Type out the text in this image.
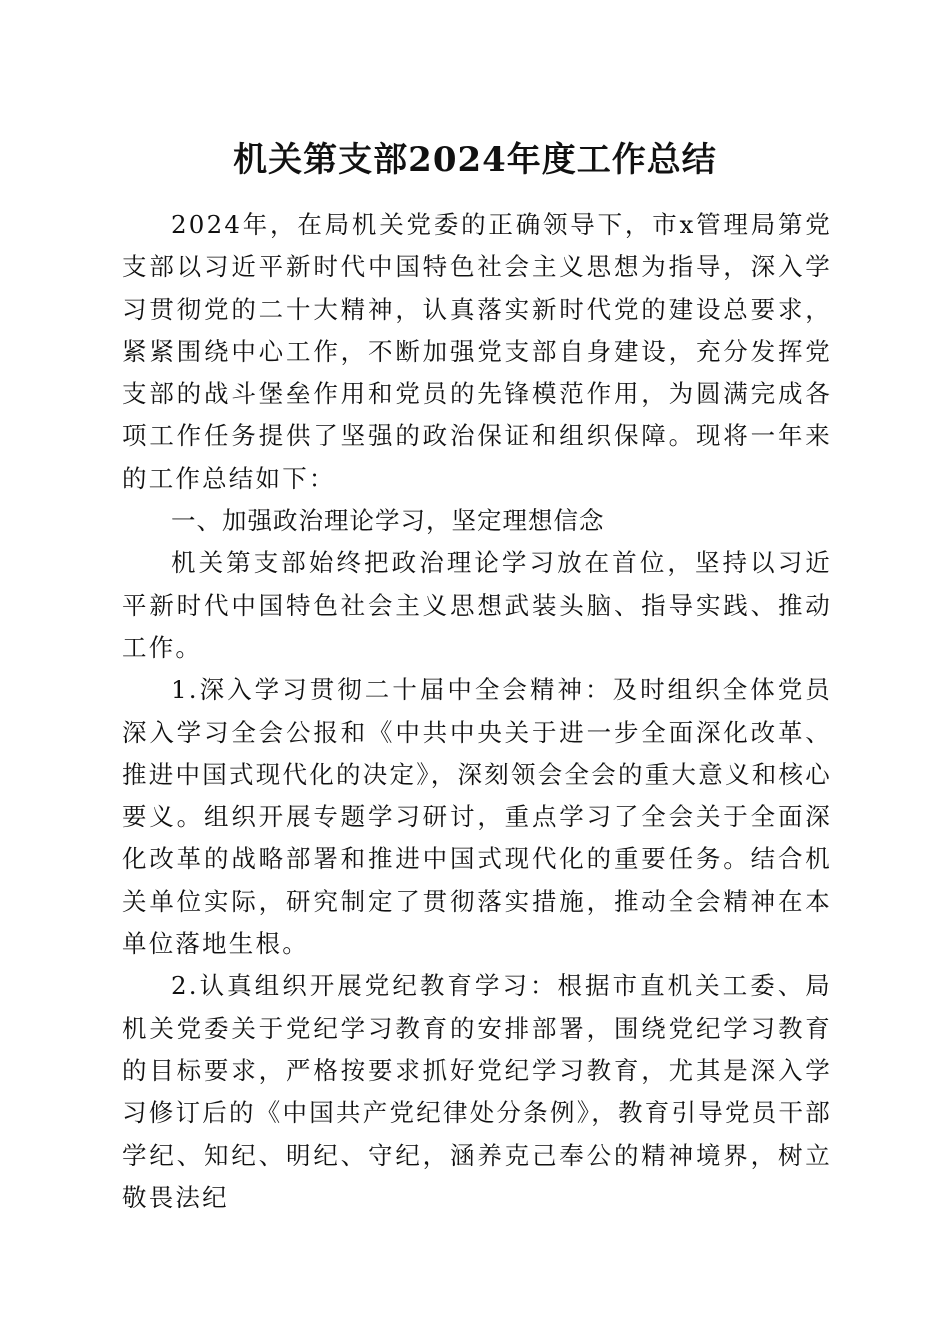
机关第支部2024年度工作总结

2024年，在局机关党委的正确领导下，市x管理局第党支部以习近平新时代中国特色社会主义思想为指导，深入学习贯彻党的二十大精神，认真落实新时代党的建设总要求，紧紧围绕中心工作，不断加强党支部自身建设，充分发挥党支部的战斗堡垒作用和党员的先锋模范作用，为圆满完成各项工作任务提供了坚强的政治保证和组织保障。现将一年来的工作总结如下：

一、加强政治理论学习，坚定理想信念

机关第支部始终把政治理论学习放在首位，坚持以习近平新时代中国特色社会主义思想武装头脑、指导实践、推动工作。

1.深入学习贯彻二十届中全会精神：及时组织全体党员深入学习全会公报和《中共中央关于进一步全面深化改革、推进中国式现代化的决定》，深刻领会全会的重大意义和核心要义。组织开展专题学习研讨，重点学习了全会关于全面深化改革的战略部署和推进中国式现代化的重要任务。结合机关单位实际，研究制定了贯彻落实措施，推动全会精神在本单位落地生根。

2.认真组织开展党纪教育学习：根据市直机关工委、局机关党委关于党纪学习教育的安排部署，围绕党纪学习教育的目标要求，严格按要求抓好党纪学习教育，尤其是深入学习修订后的《中国共产党纪律处分条例》，教育引导党员干部学纪、知纪、明纪、守纪，涵养克己奉公的精神境界，树立敬畏法纪
